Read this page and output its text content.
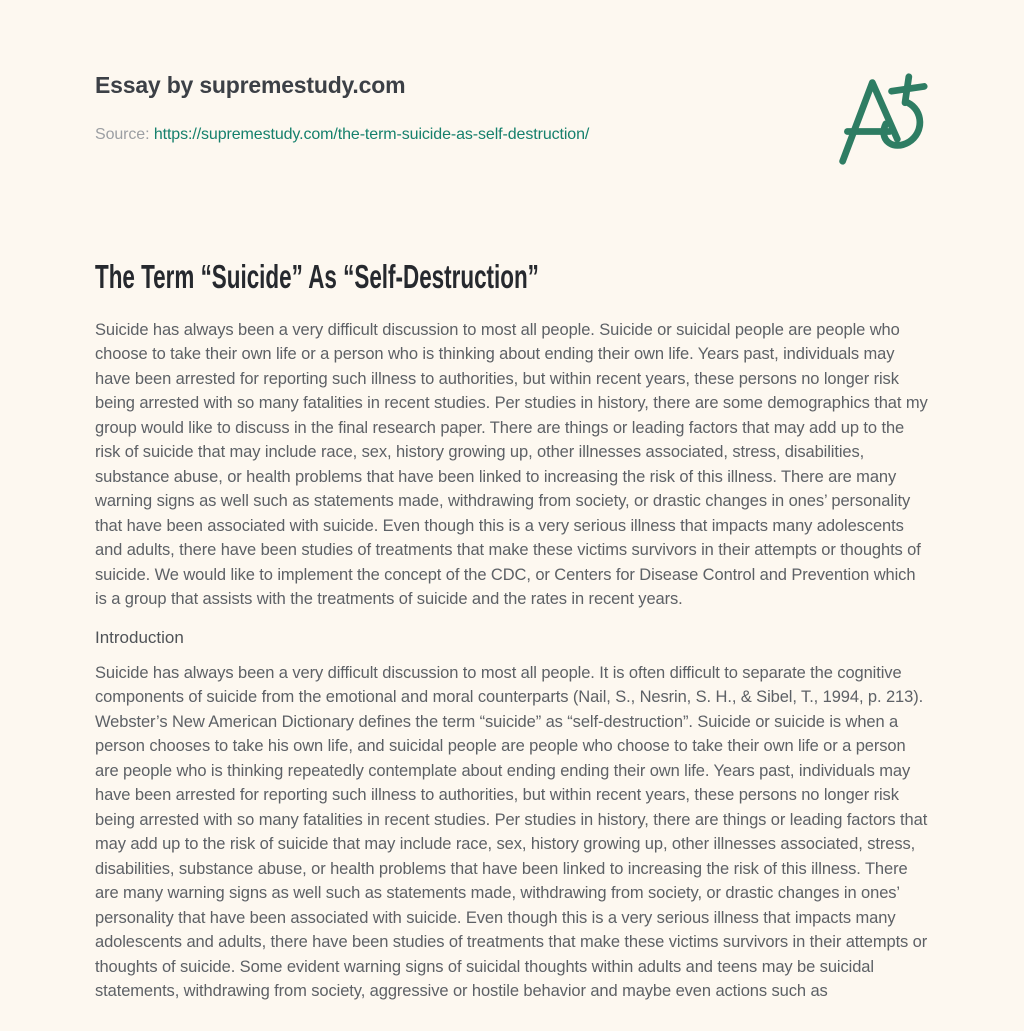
Essay by supremestudy.com
Source: https://supremestudy.com/the-term-suicide-as-self-destruction/
The Term “Suicide” As “Self-Destruction”

Suicide has always been a very difficult discussion to most all people. Suicide or suicidal people are people who choose to take their own life or a person who is thinking about ending their own life. Years past, individuals may have been arrested for reporting such illness to authorities, but within recent years, these persons no longer risk being arrested with so many fatalities in recent studies. Per studies in history, there are some demographics that my group would like to discuss in the final research paper. There are things or leading factors that may add up to the risk of suicide that may include race, sex, history growing up, other illnesses associated, stress, disabilities, substance abuse, or health problems that have been linked to increasing the risk of this illness. There are many warning signs as well such as statements made, withdrawing from society, or drastic changes in ones’ personality that have been associated with suicide. Even though this is a very serious illness that impacts many adolescents and adults, there have been studies of treatments that make these victims survivors in their attempts or thoughts of suicide. We would like to implement the concept of the CDC, or Centers for Disease Control and Prevention which is a group that assists with the treatments of suicide and the rates in recent years.

Introduction

Suicide has always been a very difficult discussion to most all people. It is often difficult to separate the cognitive components of suicide from the emotional and moral counterparts (Nail, S., Nesrin, S. H., & Sibel, T., 1994, p. 213). Webster’s New American Dictionary defines the term “suicide” as “self-destruction”. Suicide or suicide is when a person chooses to take his own life, and suicidal people are people who choose to take their own life or a person are people who is thinking repeatedly contemplate about ending ending their own life. Years past, individuals may have been arrested for reporting such illness to authorities, but within recent years, these persons no longer risk being arrested with so many fatalities in recent studies. Per studies in history, there are things or leading factors that may add up to the risk of suicide that may include race, sex, history growing up, other illnesses associated, stress, disabilities, substance abuse, or health problems that have been linked to increasing the risk of this illness. There are many warning signs as well such as statements made, withdrawing from society, or drastic changes in ones’ personality that have been associated with suicide. Even though this is a very serious illness that impacts many adolescents and adults, there have been studies of treatments that make these victims survivors in their attempts or thoughts of suicide. Some evident warning signs of suicidal thoughts within adults and teens may be suicidal statements, withdrawing from society, aggressive or hostile behavior and maybe even actions such as
